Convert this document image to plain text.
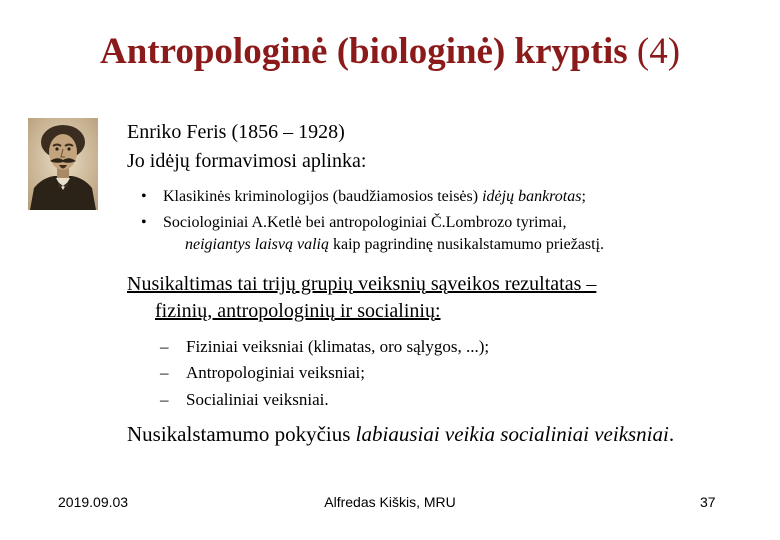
Antropologinė (biologinė) kryptis (4)
Enriko Feris (1856 – 1928)
Jo idėjų formavimosi aplinka:
• Klasikinės kriminologijos (baudžiamosios teisės) idėjų bankrotas;
• Sociologiniai A.Ketlė bei antropologiniai Č.Lombrozo tyrimai,
neigiantys laisvą valią kaip pagrindinę nusikalstamumo priežastį.
Nusikaltimas tai trijų grupių veiksnių sąveikos rezultatas –
fizinių, antropologinių ir socialinių:
– Fiziniai veiksniai (klimatas, oro sąlygos, ...);
– Antropologiniai veiksniai;
– Socialiniai veiksniai.
Nusikalstamumo pokyčius labiausiai veikia socialiniai veiksniai.
2019.09.03	Alfredas Kiškis, MRU	37
